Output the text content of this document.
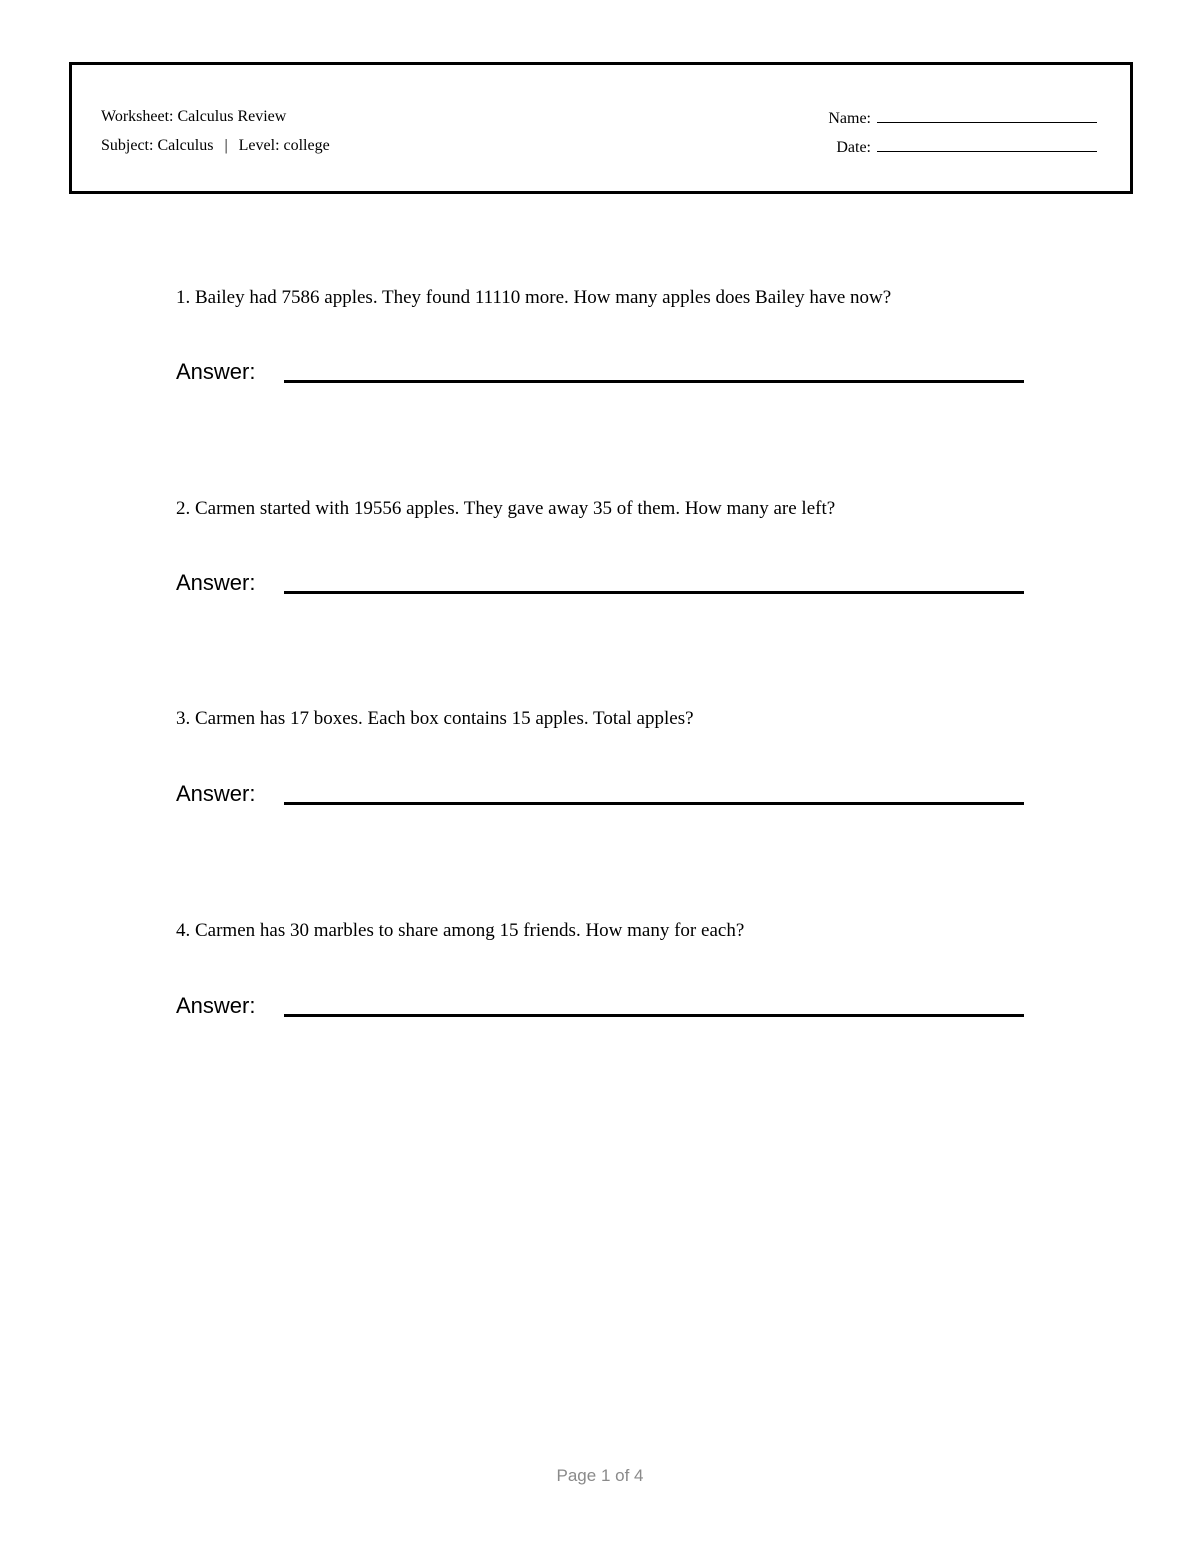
Worksheet: Calculus Review
Subject: Calculus | Level: college
Name:
Date:
1. Bailey had 7586 apples. They found 11110 more. How many apples does Bailey have now?
Answer:
2. Carmen started with 19556 apples. They gave away 35 of them. How many are left?
Answer:
3. Carmen has 17 boxes. Each box contains 15 apples. Total apples?
Answer:
4. Carmen has 30 marbles to share among 15 friends. How many for each?
Answer:
Page 1 of 4
